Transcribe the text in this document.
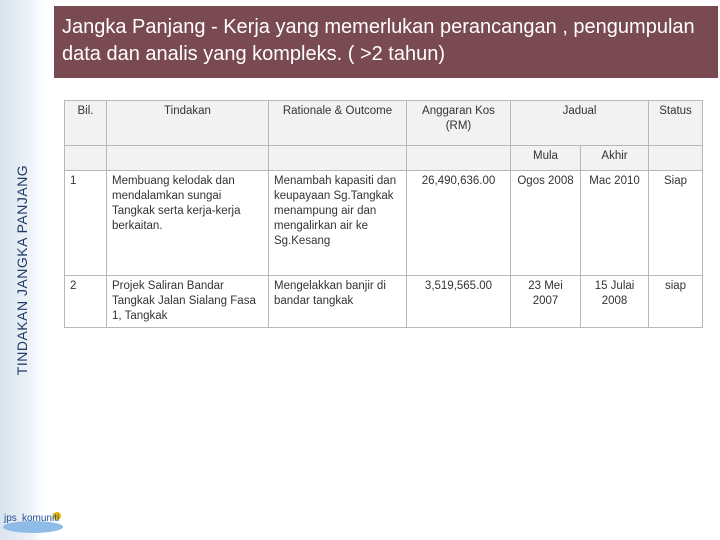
TINDAKAN JANGKA PANJANG
Jangka Panjang - Kerja yang memerlukan perancangan , pengumpulan data dan analis yang kompleks. ( >2 tahun)
Bil.	Tindakan	Rationale & Outcome	Anggaran Kos (RM)	Jadual		Status
				Mula	Akhir	
1	Membuang kelodak dan mendalamkan sungai Tangkak serta kerja-kerja berkaitan.	Menambah kapasiti dan keupayaan Sg.Tangkak menampung air dan mengalirkan air ke Sg.Kesang	26,490,636.00	Ogos 2008	Mac 2010	Siap
2	Projek Saliran Bandar Tangkak Jalan Sialang Fasa 1, Tangkak	Mengelakkan banjir di bandar tangkak	3,519,565.00	23 Mei 2007	15 Julai 2008	siap
jps komuniti
